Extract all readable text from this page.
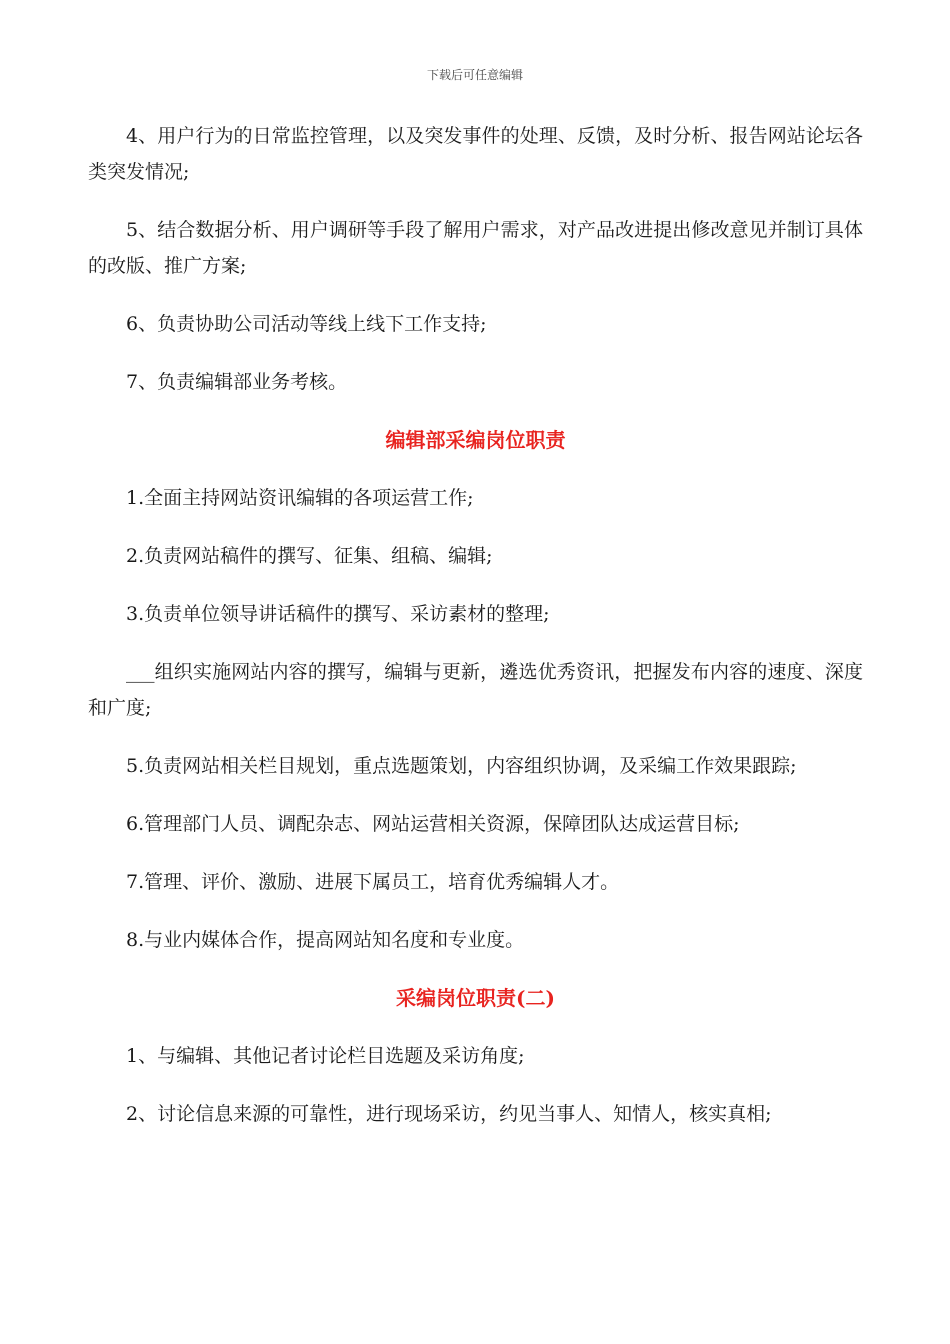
下载后可任意编辑

4、用户行为的日常监控管理，以及突发事件的处理、反馈，及时分析、报告网站论坛各类突发情况;

5、结合数据分析、用户调研等手段了解用户需求，对产品改进提出修改意见并制订具体的改版、推广方案;

6、负责协助公司活动等线上线下工作支持;

7、负责编辑部业务考核。

编辑部采编岗位职责

1.全面主持网站资讯编辑的各项运营工作;

2.负责网站稿件的撰写、征集、组稿、编辑;

3.负责单位领导讲话稿件的撰写、采访素材的整理;

___组织实施网站内容的撰写，编辑与更新，遴选优秀资讯，把握发布内容的速度、深度和广度;

5.负责网站相关栏目规划，重点选题策划，内容组织协调，及采编工作效果跟踪;

6.管理部门人员、调配杂志、网站运营相关资源，保障团队达成运营目标;

7.管理、评价、激励、进展下属员工，培育优秀编辑人才。

8.与业内媒体合作，提高网站知名度和专业度。

采编岗位职责(二)

1、与编辑、其他记者讨论栏目选题及采访角度;

2、讨论信息来源的可靠性，进行现场采访，约见当事人、知情人，核实真相;
